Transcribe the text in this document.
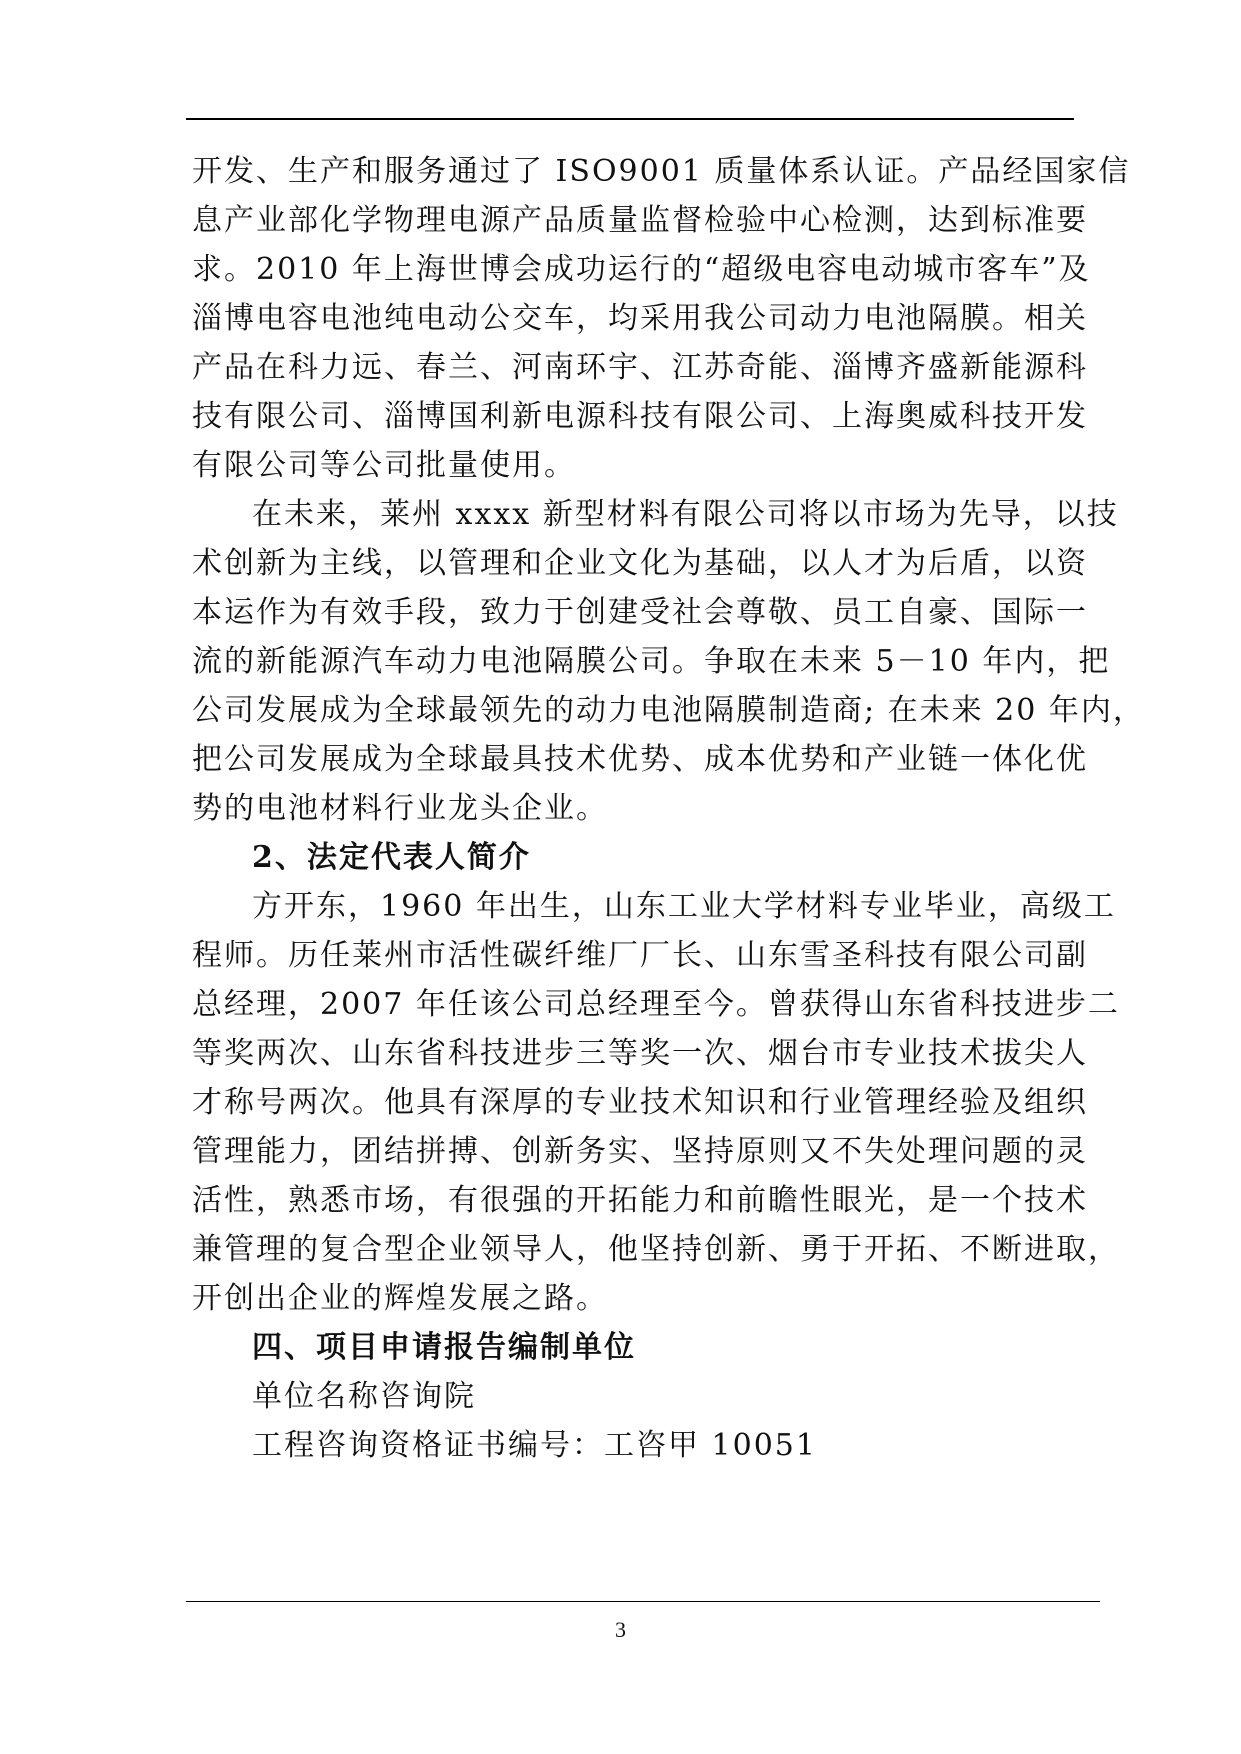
开发、生产和服务通过了 ISO9001 质量体系认证。产品经国家信
息产业部化学物理电源产品质量监督检验中心检测，达到标准要
求。2010 年上海世博会成功运行的“超级电容电动城市客车”及
淄博电容电池纯电动公交车，均采用我公司动力电池隔膜。相关
产品在科力远、春兰、河南环宇、江苏奇能、淄博齐盛新能源科
技有限公司、淄博国利新电源科技有限公司、上海奥威科技开发
有限公司等公司批量使用。
在未来，莱州 xxxx 新型材料有限公司将以市场为先导，以技
术创新为主线，以管理和企业文化为基础，以人才为后盾，以资
本运作为有效手段，致力于创建受社会尊敬、员工自豪、国际一
流的新能源汽车动力电池隔膜公司。争取在未来 5－10 年内，把
公司发展成为全球最领先的动力电池隔膜制造商; 在未来 20 年内，
把公司发展成为全球最具技术优势、成本优势和产业链一体化优
势的电池材料行业龙头企业。
2、法定代表人简介
方开东，1960 年出生，山东工业大学材料专业毕业，高级工
程师。历任莱州市活性碳纤维厂厂长、山东雪圣科技有限公司副
总经理，2007 年任该公司总经理至今。曾获得山东省科技进步二
等奖两次、山东省科技进步三等奖一次、烟台市专业技术拔尖人
才称号两次。他具有深厚的专业技术知识和行业管理经验及组织
管理能力，团结拼搏、创新务实、坚持原则又不失处理问题的灵
活性，熟悉市场，有很强的开拓能力和前瞻性眼光，是一个技术
兼管理的复合型企业领导人，他坚持创新、勇于开拓、不断进取，
开创出企业的辉煌发展之路。
四、项目申请报告编制单位
单位名称咨询院
工程咨询资格证书编号：工咨甲 10051
3
